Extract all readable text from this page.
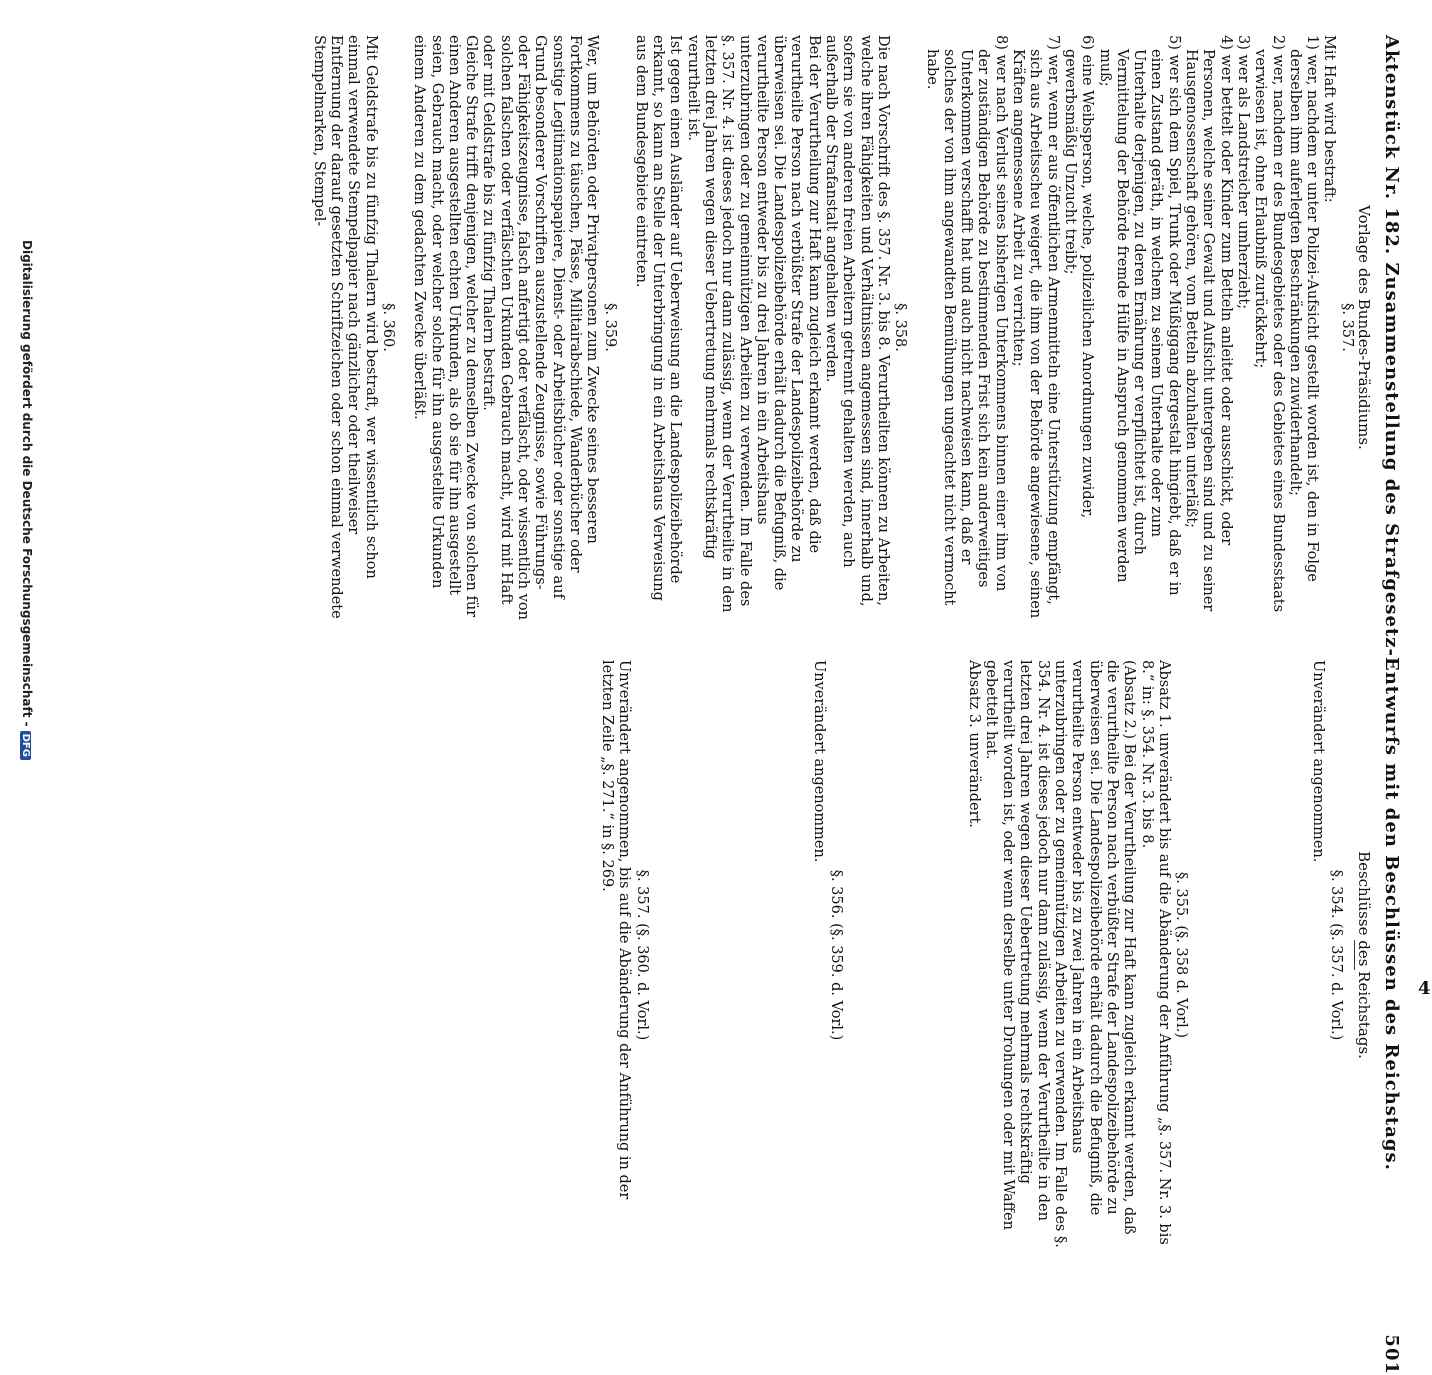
Aktenstück Nr. 182. Zusammenstellung des Strafgesetz-Entwurfs mit den Beschlüssen des Reichstags.
501

Vorlage des Bundes-Präsidiums.

§. 357.

Mit Haft wird bestraft:

1) wer, nachdem er unter Polizei-Aufsicht gestellt worden ist, den in Folge derselben ihm auferlegten Beschränkungen zuwiderhandelt;

2) wer, nachdem er des Bundesgebietes oder des Gebietes eines Bundesstaats verwiesen ist, ohne Erlaubniß zurückkehrt;

3) wer als Landstreicher umherzieht;

4) wer bettelt oder Kinder zum Betteln anleitet oder ausschickt, oder Personen, welche seiner Gewalt und Aufsicht untergeben sind und zu seiner Hausgenossenschaft gehören, vom Betteln abzuhalten unterläßt;

5) wer sich dem Spiel, Trunk oder Müßiggang dergestalt hingiebt, daß er in einen Zustand geräth, in welchem zu seinem Unterhalte oder zum Unterhalte derjenigen, zu deren Ernährung er verpflichtet ist, durch Vermittelung der Behörde fremde Hülfe in Anspruch genommen werden muß;

6) eine Weibsperson, welche, polizeilichen Anordnungen zuwider, gewerbsmäßig Unzucht treibt;

7) wer, wenn er aus öffentlichen Armenmitteln eine Unterstützung empfängt, sich aus Arbeitsscheu weigert, die ihm von der Behörde angewiesene, seinen Kräften angemessene Arbeit zu verrichten;

8) wer nach Verlust seines bisherigen Unterkommens binnen einer ihm von der zuständigen Behörde zu bestimmenden Frist sich kein anderweitiges Unterkommen verschafft hat und auch nicht nachweisen kann, daß er solches der von ihm angewandten Bemühungen ungeachtet nicht vermocht habe.

§. 358.

Die nach Vorschrift des §. 357. Nr. 3. bis 8. Verurtheilten können zu Arbeiten, welche ihren Fähigkeiten und Verhältnissen angemessen sind, innerhalb und, sofern sie von anderen freien Arbeitern getrennt gehalten werden, auch außerhalb der Strafanstalt angehalten werden.

Bei der Verurtheilung zur Haft kann zugleich erkannt werden, daß die verurtheilte Person nach verbüßter Strafe der Landespolizeibehörde zu überweisen sei. Die Landespolizeibehörde erhält dadurch die Befugniß, die verurtheilte Person entweder bis zu drei Jahren in ein Arbeitshaus unterzubringen oder zu gemeinnützigen Arbeiten zu verwenden. Im Falle des §. 357. Nr. 4. ist dieses jedoch nur dann zulässig, wenn der Verurtheilte in den letzten drei Jahren wegen dieser Uebertretung mehrmals rechtskräftig verurtheilt ist.

Ist gegen einen Ausländer auf Ueberweisung an die Landespolizeibehörde erkannt, so kann an Stelle der Unterbringung in ein Arbeitshaus Verweisung aus dem Bundesgebiete eintreten.

§. 359.

Wer, um Behörden oder Privatpersonen zum Zwecke seines besseren Fortkommens zu täuschen, Pässe, Militairabschiede, Wanderbücher oder sonstige Legitimationspapiere, Dienst- oder Arbeitsbücher oder sonstige auf Grund besonderer Vorschriften auszustellende Zeugnisse, sowie Führungs- oder Fähigkeitszeugnisse, falsch anfertigt oder verfälscht, oder wissentlich von solchen falschen oder verfälschten Urkunden Gebrauch macht, wird mit Haft oder mit Geldstrafe bis zu fünfzig Thalern bestraft.

Gleiche Strafe trifft denjenigen, welcher zu demselben Zwecke von solchen für einen Anderen ausgestellten echten Urkunden, als ob sie für ihn ausgestellt seien, Gebrauch macht, oder welcher solche für ihn ausgestellte Urkunden einem Anderen zu dem gedachten Zwecke überläßt.

§. 360.

Mit Geldstrafe bis zu fünfzig Thalern wird bestraft, wer wissentlich schon einmal verwendete Stempelpapier nach gänzlicher oder theilweiser Entfernung der darauf gesetzten Schriftzeichen oder schon einmal verwendete Stempelmarken, Stempel-

Beschlüsse des Reichstags.

§. 354. (§. 357. d. Vorl.)

Unverändert angenommen.

§. 355. (§. 358 d. Vorl.)

Absatz 1. unverändert bis auf die Abänderung der Anführung „§. 357. Nr. 3. bis 8.“ in: §. 354. Nr. 3. bis 8.

(Absatz 2.) Bei der Verurtheilung zur Haft kann zugleich erkannt werden, daß die verurtheilte Person nach verbüßter Strafe der Landespolizeibehörde zu überweisen sei. Die Landespolizeibehörde erhält dadurch die Befugniß, die verurtheilte Person entweder bis zu zwei Jahren in ein Arbeitshaus unterzubringen oder zu gemeinnützigen Arbeiten zu verwenden. Im Falle des §. 354. Nr. 4. ist dieses jedoch nur dann zulässig, wenn der Verurtheilte in den letzten drei Jahren wegen dieser Uebertretung mehrmals rechtskräftig verurtheilt worden ist, oder wenn derselbe unter Drohungen oder mit Waffen gebettelt hat.

Absatz 3. unverändert.

§. 356. (§. 359. d. Vorl.)

Unverändert angenommen.

§. 357. (§. 360. d. Vorl.)

Unverändert angenommen, bis auf die Abänderung der Anführung in der letzten Zeile „§. 271.“ in §. 269.

Digitalisierung gefördert durch die Deutsche Forschungsgemeinschaft -DFG
4
